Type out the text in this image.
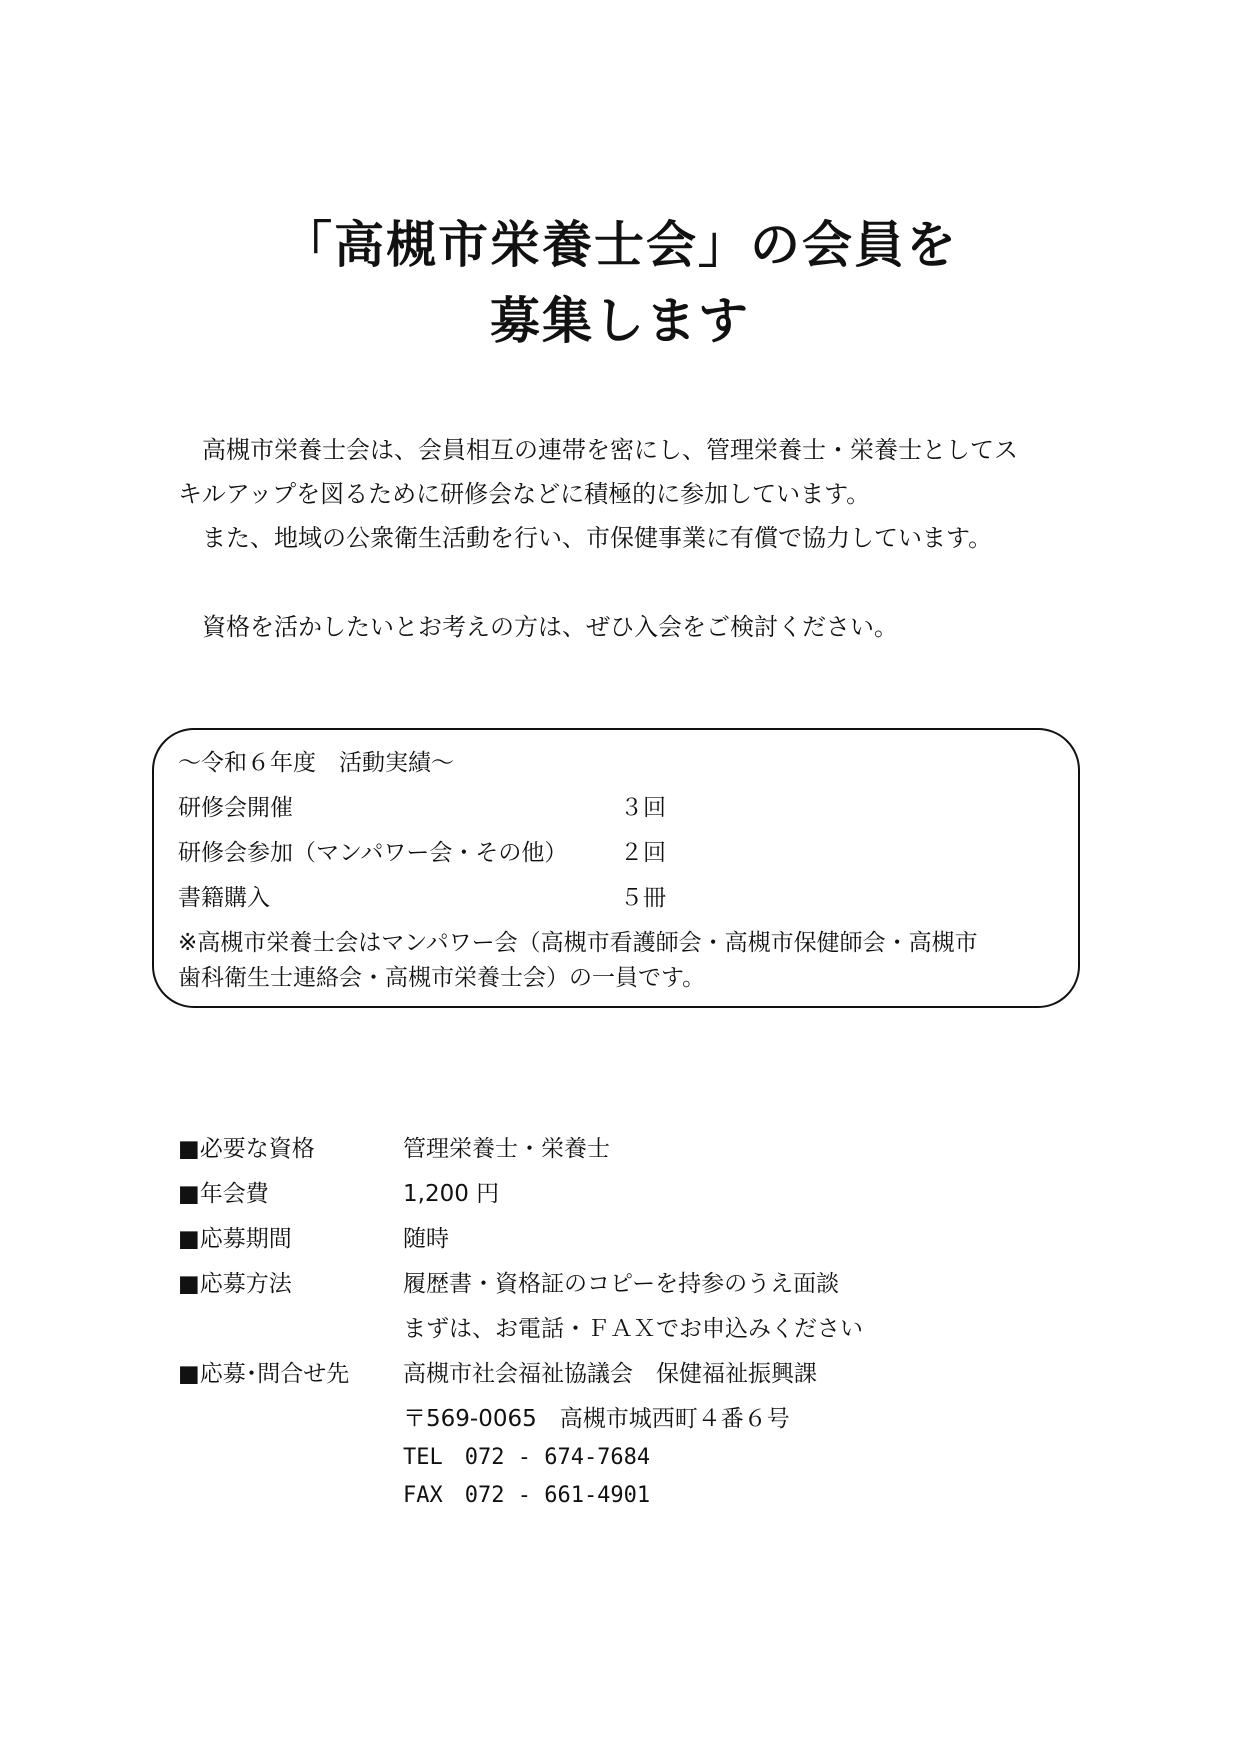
「高槻市栄養士会」の会員を
募集します

高槻市栄養士会は、会員相互の連帯を密にし、管理栄養士・栄養士としてス

キルアップを図るために研修会などに積極的に参加しています。

また、地域の公衆衛生活動を行い、市保健事業に有償で協力しています。

資格を活かしたいとお考えの方は、ぜひ入会をご検討ください。

～令和６年度　活動実績～

研修会開催	３回
研修会参加（マンパワー会・その他） ２回
書籍購入	５冊

※高槻市栄養士会はマンパワー会（高槻市看護師会・高槻市保健師会・高槻市

歯科衛生士連絡会・高槻市栄養士会）の一員です。

■必要な資格	管理栄養士・栄養士
■年会費	1,200 円
■応募期間	随時
■応募方法	履歴書・資格証のコピーを持参のうえ面談
まずは、お電話・ＦＡＸでお申込みください
■応募･問合せ先 高槻市社会福祉協議会　保健福祉振興課
〒569-0065　高槻市城西町４番６号
TEL　072 - 674-7684
FAX　072 - 661-4901
